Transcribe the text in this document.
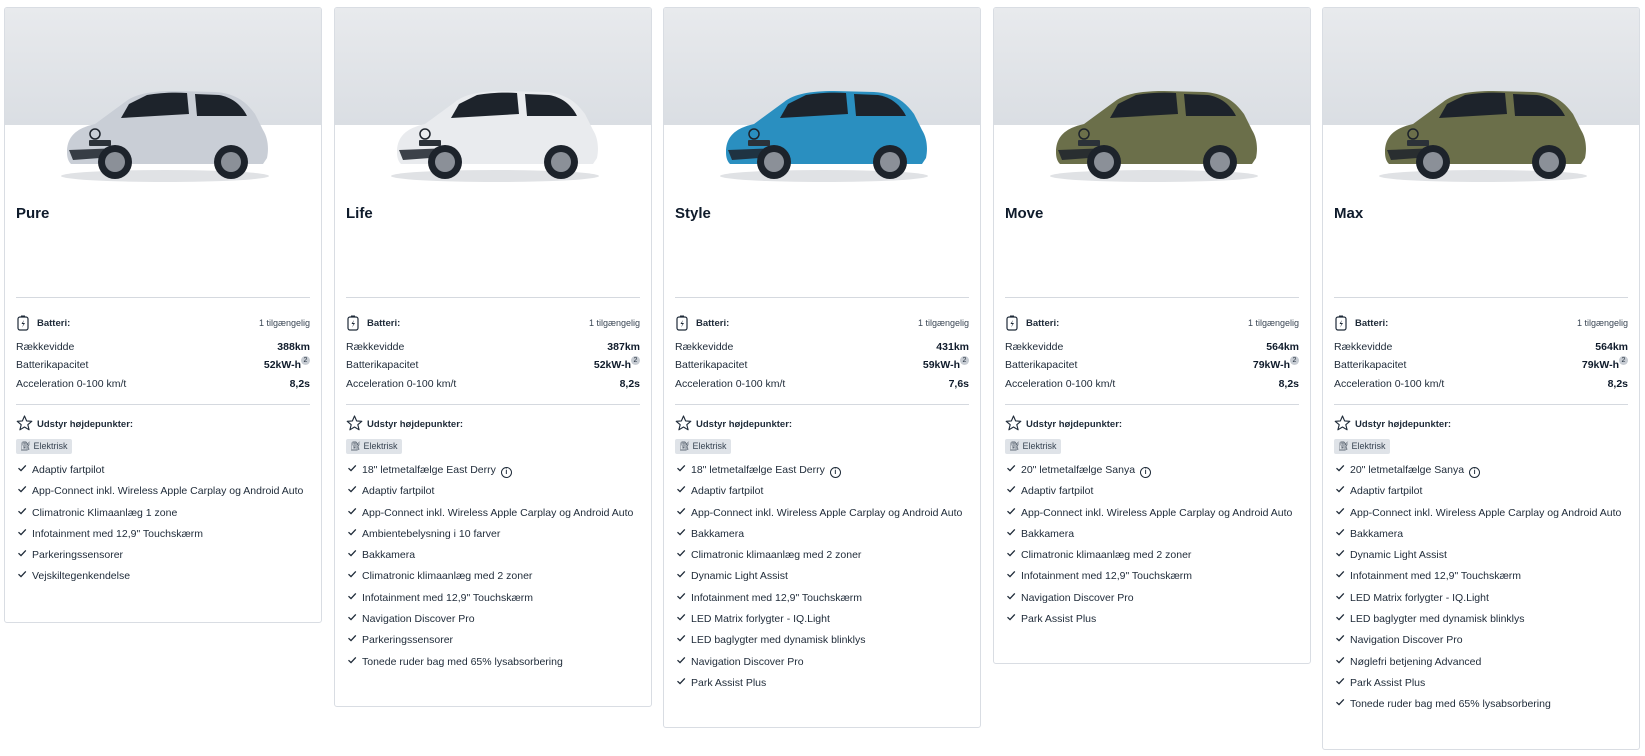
Pure
Batteri:	1 tilgængelig
Rækkevidde	388km
Batterikapacitet	52kW-h 2
Acceleration 0-100 km/t	8,2s
Udstyr højdepunkter:
⛽︎ Elektrisk
Adaptiv fartpilot
App-Connect inkl. Wireless Apple Carplay og Android Auto
Climatronic Klimaanlæg 1 zone
Infotainment med 12,9" Touchskærm
Parkeringssensorer
Vejskiltegenkendelse
Life
Batteri:	1 tilgængelig
Rækkevidde	387km
Batterikapacitet	52kW-h 2
Acceleration 0-100 km/t	8,2s
Udstyr højdepunkter:
⛽︎ Elektrisk
18" letmetalfælge East Derry i
Adaptiv fartpilot
App-Connect inkl. Wireless Apple Carplay og Android Auto
Ambientebelysning i 10 farver
Bakkamera
Climatronic klimaanlæg med 2 zoner
Infotainment med 12,9" Touchskærm
Navigation Discover Pro
Parkeringssensorer
Tonede ruder bag med 65% lysabsorbering
Style
Batteri:	1 tilgængelig
Rækkevidde	431km
Batterikapacitet	59kW-h 2
Acceleration 0-100 km/t	7,6s
Udstyr højdepunkter:
⛽︎ Elektrisk
18" letmetalfælge East Derry i
Adaptiv fartpilot
App-Connect inkl. Wireless Apple Carplay og Android Auto
Bakkamera
Climatronic klimaanlæg med 2 zoner
Dynamic Light Assist
Infotainment med 12,9" Touchskærm
LED Matrix forlygter - IQ.Light
LED baglygter med dynamisk blinklys
Navigation Discover Pro
Park Assist Plus
Move
Batteri:	1 tilgængelig
Rækkevidde	564km
Batterikapacitet	79kW-h 2
Acceleration 0-100 km/t	8,2s
Udstyr højdepunkter:
⛽︎ Elektrisk
20" letmetalfælge Sanya i
Adaptiv fartpilot
App-Connect inkl. Wireless Apple Carplay og Android Auto
Bakkamera
Climatronic klimaanlæg med 2 zoner
Infotainment med 12,9" Touchskærm
Navigation Discover Pro
Park Assist Plus
Max
Batteri:	1 tilgængelig
Rækkevidde	564km
Batterikapacitet	79kW-h 2
Acceleration 0-100 km/t	8,2s
Udstyr højdepunkter:
⛽︎ Elektrisk
20" letmetalfælge Sanya i
Adaptiv fartpilot
App-Connect inkl. Wireless Apple Carplay og Android Auto
Bakkamera
Dynamic Light Assist
Infotainment med 12,9" Touchskærm
LED Matrix forlygter - IQ.Light
LED baglygter med dynamisk blinklys
Navigation Discover Pro
Nøglefri betjening Advanced
Park Assist Plus
Tonede ruder bag med 65% lysabsorbering
